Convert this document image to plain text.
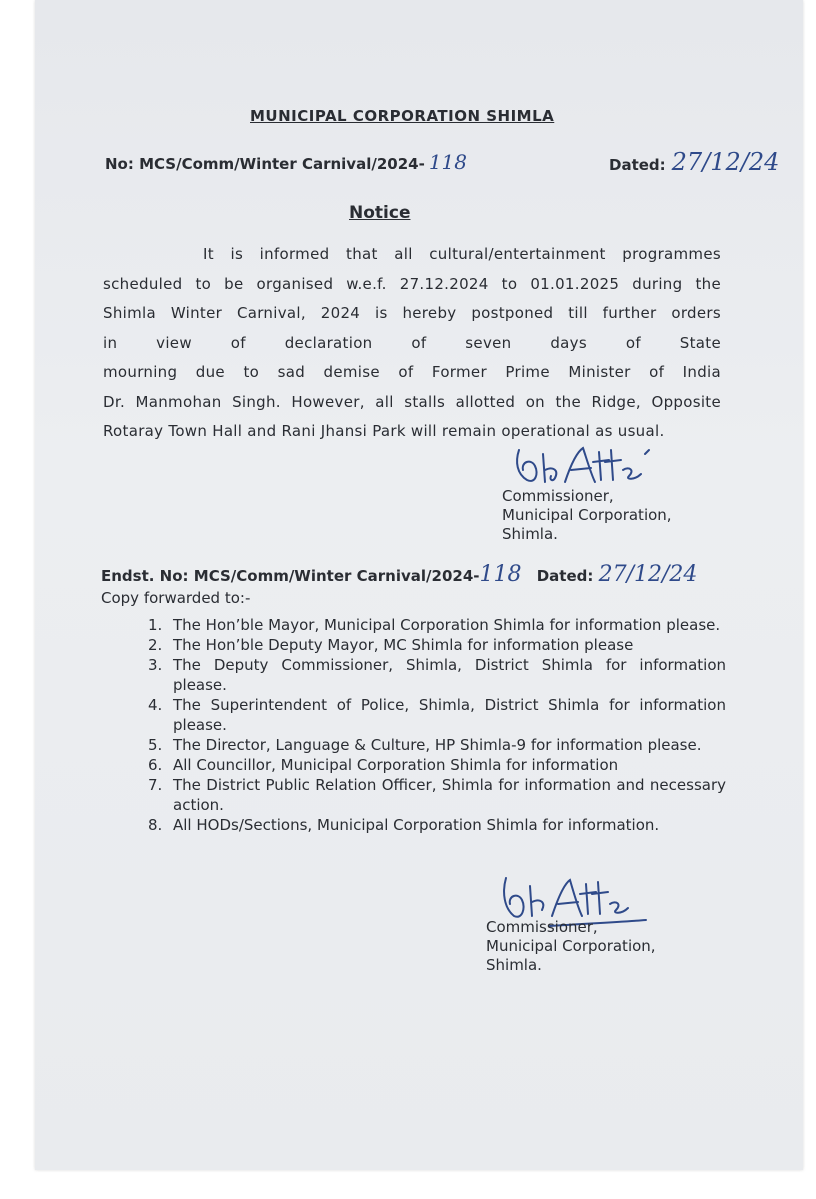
MUNICIPAL CORPORATION SHIMLA
No: MCS/Comm/Winter Carnival/2024- 118	Dated: 27/12/24
Notice
It is informed that all cultural/entertainment programmes
scheduled to be organised w.e.f. 27.12.2024 to 01.01.2025 during the
Shimla Winter Carnival, 2024 is hereby postponed till further orders
in view of declaration of seven days of State
mourning due to sad demise of Former Prime Minister of India
Dr. Manmohan Singh. However, all stalls allotted on the Ridge, Opposite
Rotaray Town Hall and Rani Jhansi Park will remain operational as usual.
Commissioner,
Municipal Corporation,
Shimla.
Endst. No: MCS/Comm/Winter Carnival/2024-118 Dated: 27/12/24
Copy forwarded to:-
1. The Hon’ble Mayor, Municipal Corporation Shimla for information please.
2. The Hon’ble Deputy Mayor, MC Shimla for information please
3. The Deputy Commissioner, Shimla, District Shimla for information please.
4. The Superintendent of Police, Shimla, District Shimla for information please.
5. The Director, Language & Culture, HP Shimla-9 for information please.
6. All Councillor, Municipal Corporation Shimla for information
7. The District Public Relation Officer, Shimla for information and necessary action.
8. All HODs/Sections, Municipal Corporation Shimla for information.
Commissioner,
Municipal Corporation,
Shimla.
